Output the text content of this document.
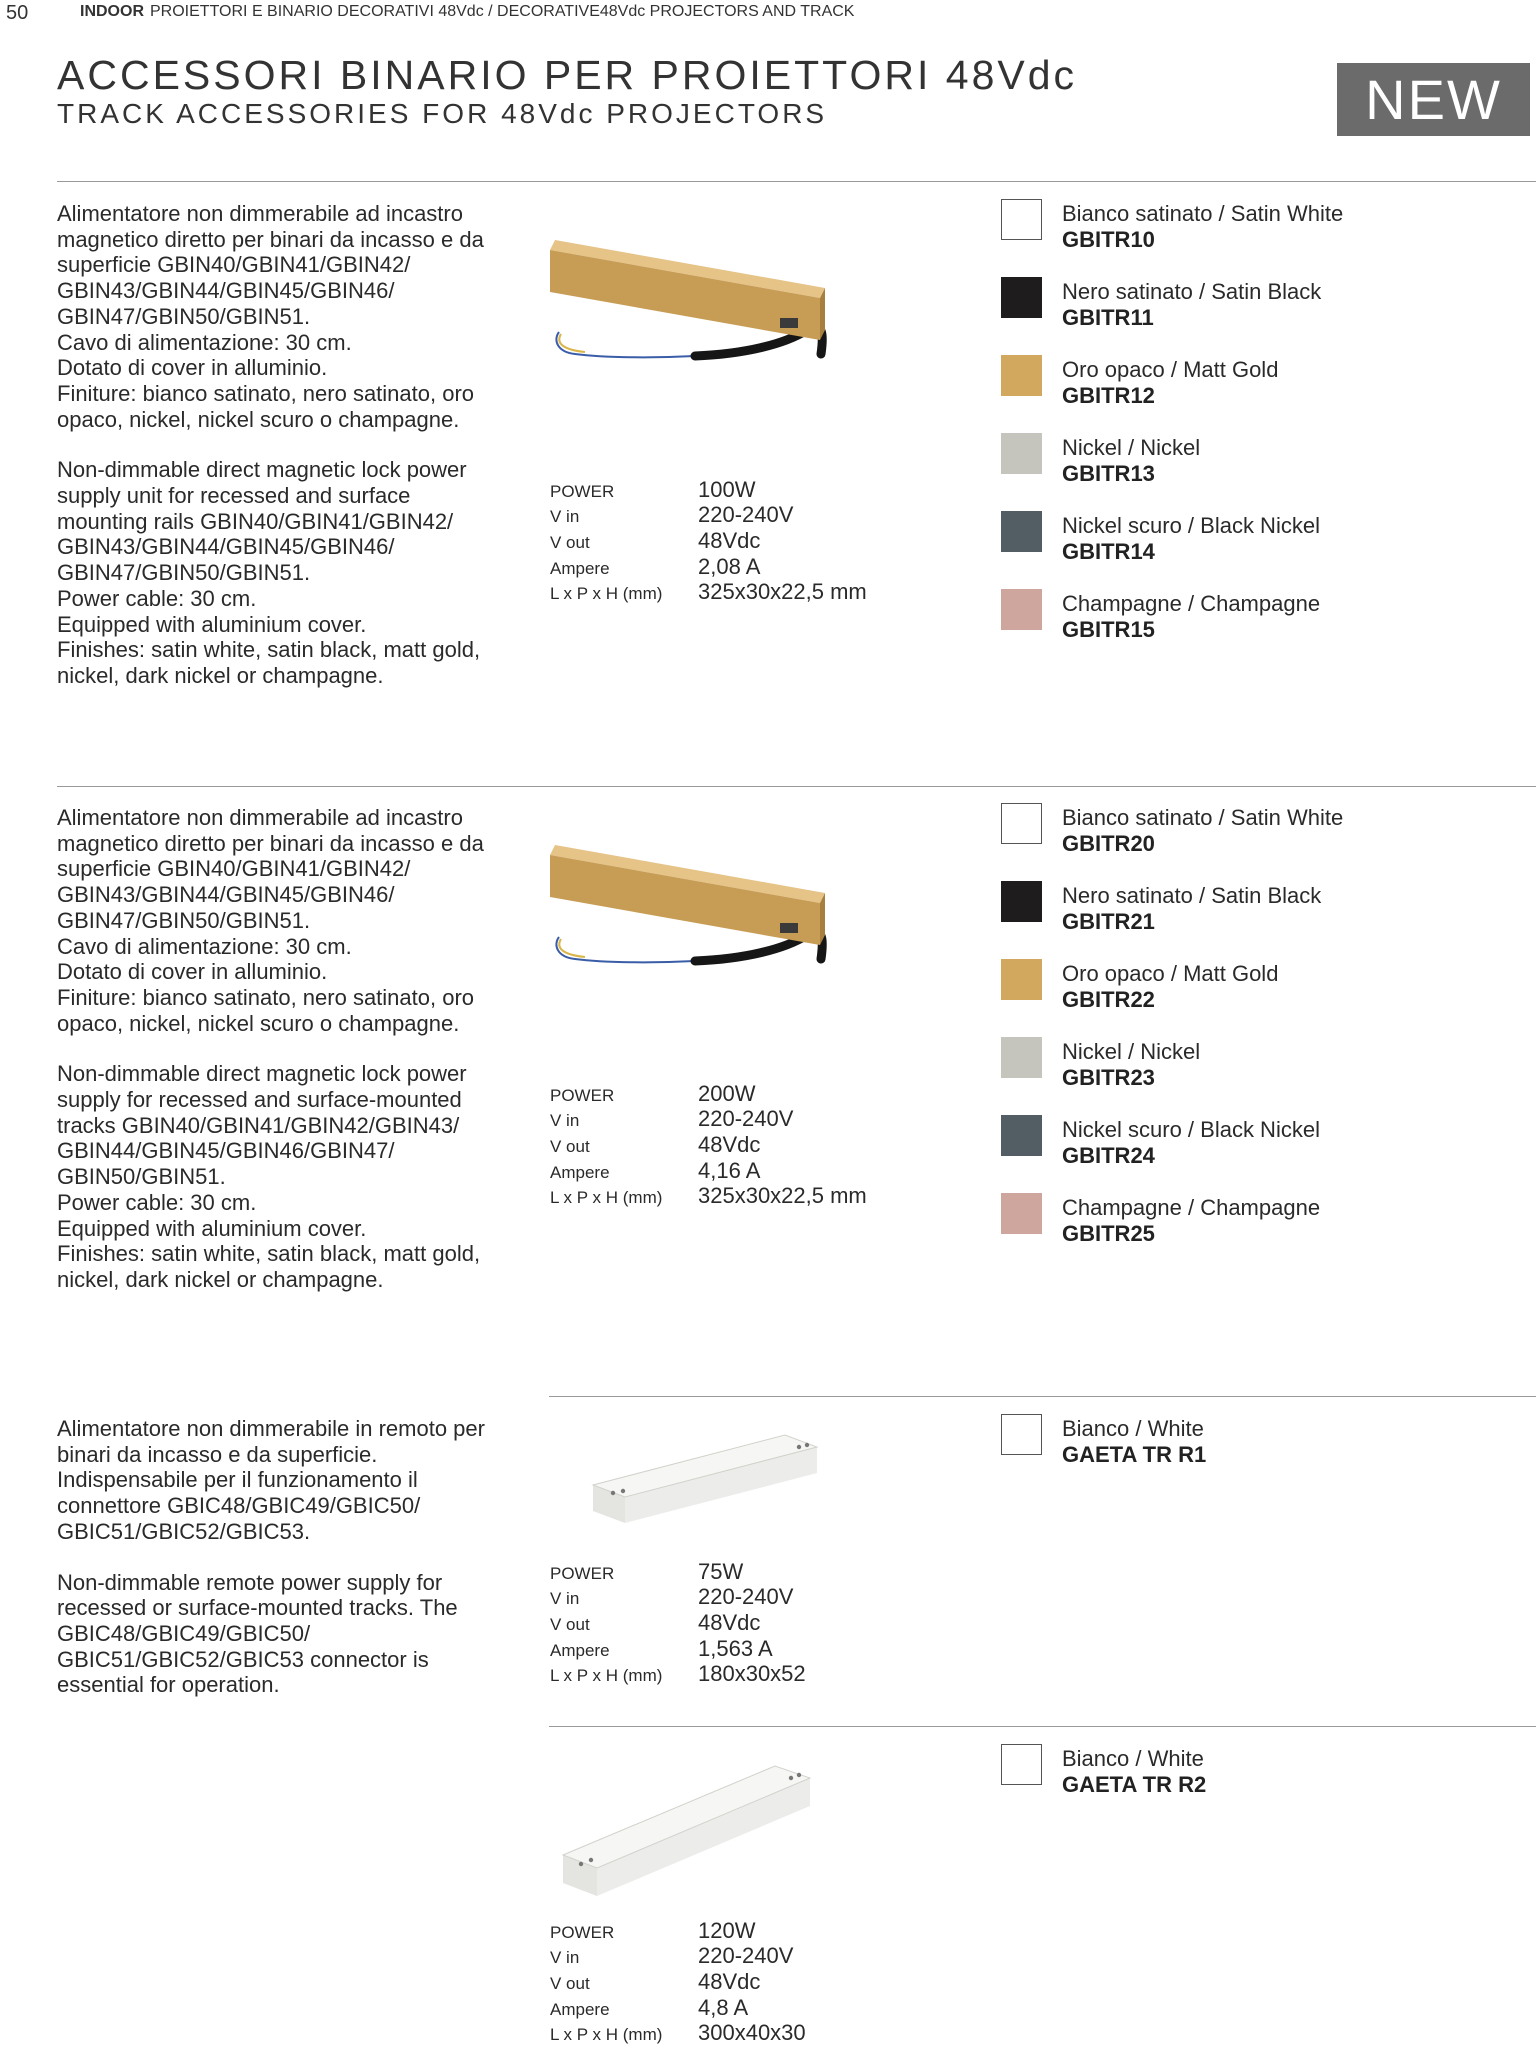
50	INDOOR PROIETTORI E BINARIO DECORATIVI 48Vdc / DECORATIVE48Vdc PROJECTORS AND TRACK
ACCESSORI BINARIO PER PROIETTORI 48Vdc
TRACK ACCESSORIES FOR 48Vdc PROJECTORS	NEW

Alimentatore non dimmerabile ad incastro magnetico diretto per binari da incasso e da superficie GBIN40/GBIN41/GBIN42/ GBIN43/GBIN44/GBIN45/GBIN46/ GBIN47/GBIN50/GBIN51.
Cavo di alimentazione: 30 cm.
Dotato di cover in alluminio.
Finiture: bianco satinato, nero satinato, oro opaco, nickel, nickel scuro o champagne.

Non-dimmable direct magnetic lock power supply unit for recessed and surface mounting rails GBIN40/GBIN41/GBIN42/ GBIN43/GBIN44/GBIN45/GBIN46/ GBIN47/GBIN50/GBIN51.
Power cable: 30 cm.
Equipped with aluminium cover.
Finishes: satin white, satin black, matt gold, nickel, dark nickel or champagne.

POWER	100W
V in	220-240V
V out	48Vdc
Ampere	2,08 A
L x P x H (mm)	325x30x22,5 mm
Bianco satinato / Satin White
GBITR10
Nero satinato / Satin Black
GBITR11
Oro opaco / Matt Gold
GBITR12
Nickel / Nickel
GBITR13
Nickel scuro / Black Nickel
GBITR14
Champagne / Champagne
GBITR15

Alimentatore non dimmerabile ad incastro magnetico diretto per binari da incasso e da superficie GBIN40/GBIN41/GBIN42/ GBIN43/GBIN44/GBIN45/GBIN46/ GBIN47/GBIN50/GBIN51.
Cavo di alimentazione: 30 cm.
Dotato di cover in alluminio.
Finiture: bianco satinato, nero satinato, oro opaco, nickel, nickel scuro o champagne.

Non-dimmable direct magnetic lock power supply for recessed and surface-mounted tracks GBIN40/GBIN41/GBIN42/GBIN43/ GBIN44/GBIN45/GBIN46/GBIN47/ GBIN50/GBIN51.
Power cable: 30 cm.
Equipped with aluminium cover.
Finishes: satin white, satin black, matt gold, nickel, dark nickel or champagne.

POWER	200W
V in	220-240V
V out	48Vdc
Ampere	4,16 A
L x P x H (mm)	325x30x22,5 mm
Bianco satinato / Satin White
GBITR20
Nero satinato / Satin Black
GBITR21
Oro opaco / Matt Gold
GBITR22
Nickel / Nickel
GBITR23
Nickel scuro / Black Nickel
GBITR24
Champagne / Champagne
GBITR25

Alimentatore non dimmerabile in remoto per binari da incasso e da superficie. Indispensabile per il funzionamento il connettore GBIC48/GBIC49/GBIC50/ GBIC51/GBIC52/GBIC53.

Non-dimmable remote power supply for recessed or surface-mounted tracks. The GBIC48/GBIC49/GBIC50/ GBIC51/GBIC52/GBIC53 connector is essential for operation.

POWER	75W
V in	220-240V
V out	48Vdc
Ampere	1,563 A
L x P x H (mm)	180x30x52
Bianco / White
GAETA TR R1
POWER	120W
V in	220-240V
V out	48Vdc
Ampere	4,8 A
L x P x H (mm)	300x40x30
Bianco / White
GAETA TR R2
